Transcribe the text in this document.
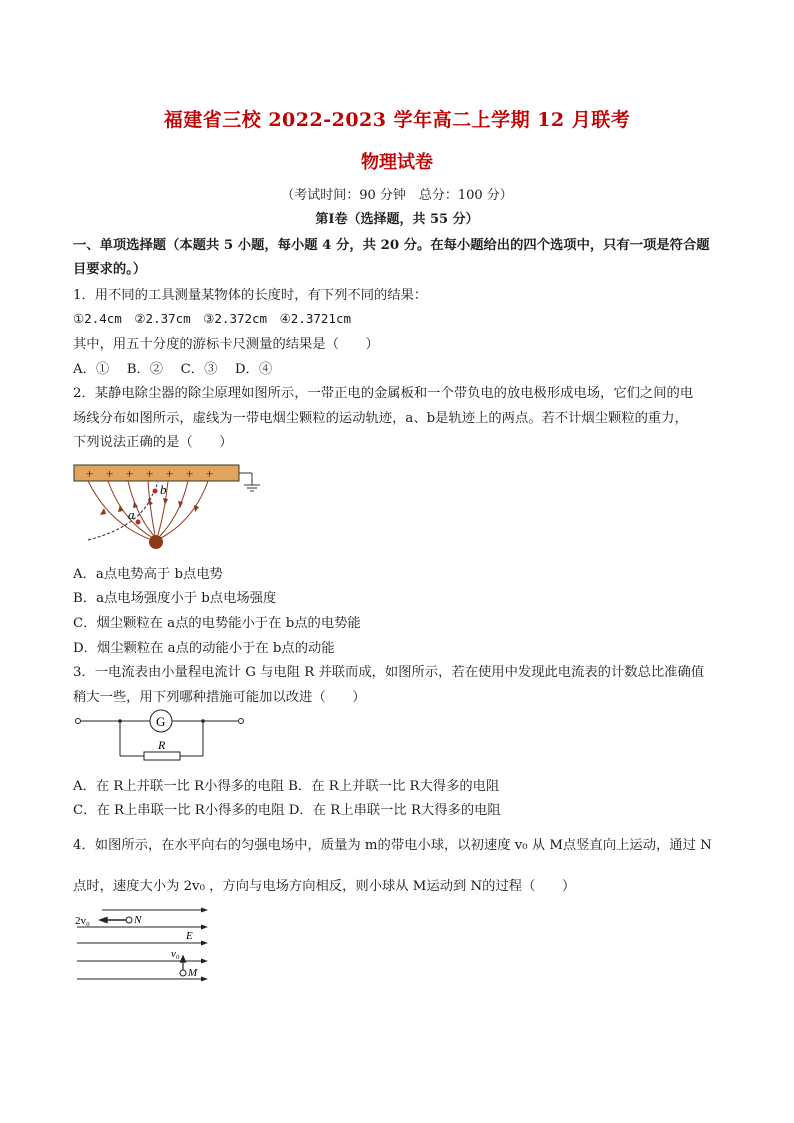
福建省三校 2022-2023 学年高二上学期 12 月联考
物理试卷
（考试时间：90 分钟　总分：100 分）
第Ⅰ卷（选择题，共 55 分）
一、单项选择题（本题共 5 小题，每小题 4 分，共 20 分。在每小题给出的四个选项中，只有一项是符合题
目要求的。）
1．用不同的工具测量某物体的长度时，有下列不同的结果：
①2.4cm　②2.37cm　③2.372cm　④2.3721cm
其中，用五十分度的游标卡尺测量的结果是（　　）
A．①　 B．②　 C．③　 D．④
2．某静电除尘器的除尘原理如图所示，一带正电的金属板和一个带负电的放电极形成电场，它们之间的电
场线分布如图所示，虚线为一带电烟尘颗粒的运动轨迹，a、b是轨迹上的两点。若不计烟尘颗粒的重力，
下列说法正确的是（　　）
+ + + + + + +
a
b
A．a点电势高于 b点电势
B．a点电场强度小于 b点电场强度
C．烟尘颗粒在 a点的电势能小于在 b点的电势能
D．烟尘颗粒在 a点的动能小于在 b点的动能
3．一电流表由小量程电流计 G 与电阻 R 并联而成，如图所示，若在使用中发现此电流表的计数总比准确值
稍大一些，用下列哪种措施可能加以改进（　　）
G
R
A．在 R上并联一比 R小得多的电阻 B．在 R上并联一比 R大得多的电阻
C．在 R上串联一比 R小得多的电阻 D．在 R上串联一比 R大得多的电阻
4．如图所示，在水平向右的匀强电场中，质量为 m的带电小球，以初速度 v₀ 从 M点竖直向上运动，通过 N
点时，速度大小为 2v₀ ，方向与电场方向相反，则小球从 M运动到 N的过程（　　）
2v₀	N
E
v₀
M
